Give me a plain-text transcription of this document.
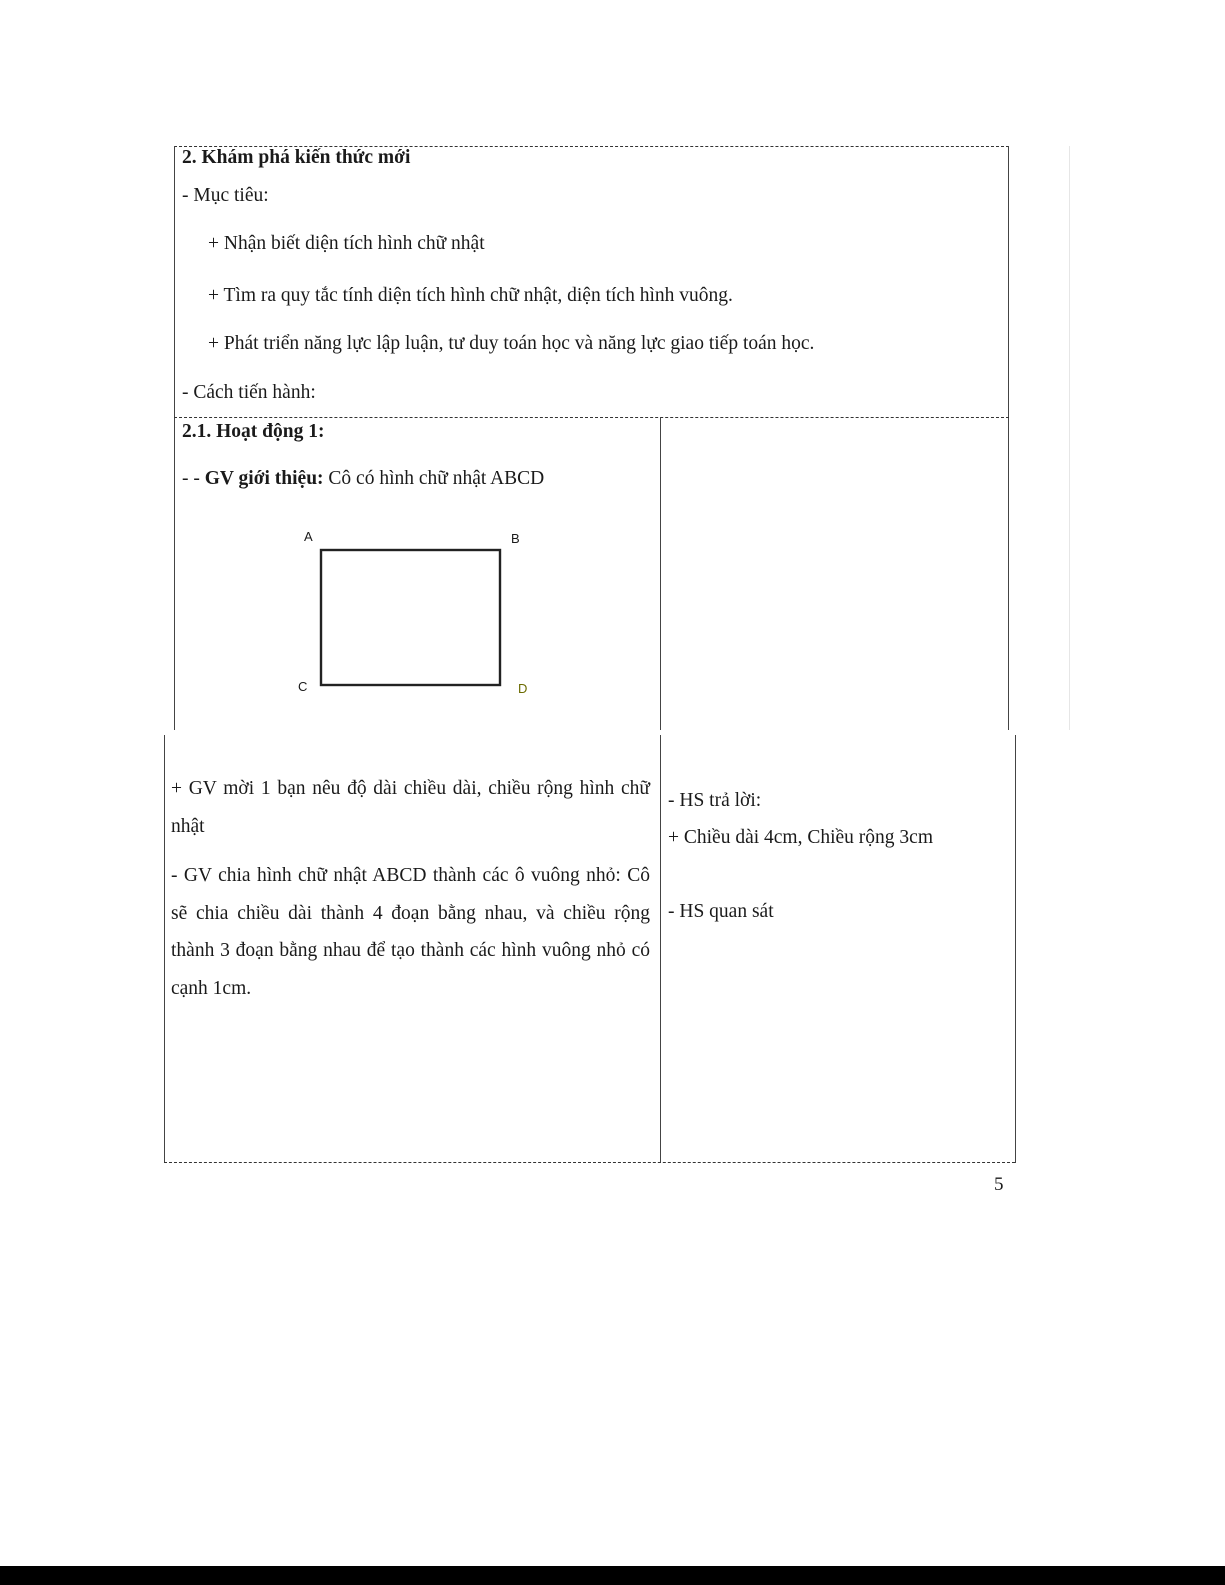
2. Khám phá kiến thức mới
- Mục tiêu:
+ Nhận biết diện tích hình chữ nhật
+ Tìm ra quy tắc tính diện tích hình chữ nhật, diện tích hình vuông.
+ Phát triển năng lực lập luận, tư duy toán học và năng lực giao tiếp toán học.
- Cách tiến hành:
2.1. Hoạt động 1:
- - GV giới thiệu: Cô có hình chữ nhật ABCD
A	B
C	D
+ GV mời 1 bạn nêu độ dài chiều dài, chiều rộng hình chữ nhật
- GV chia hình chữ nhật ABCD thành các ô vuông nhỏ: Cô sẽ chia chiều dài thành 4 đoạn bằng nhau, và chiều rộng thành 3 đoạn bằng nhau để tạo thành các hình vuông nhỏ có cạnh 1cm.
- HS trả lời:
+ Chiều dài 4cm, Chiều rộng 3cm
- HS quan sát
5
